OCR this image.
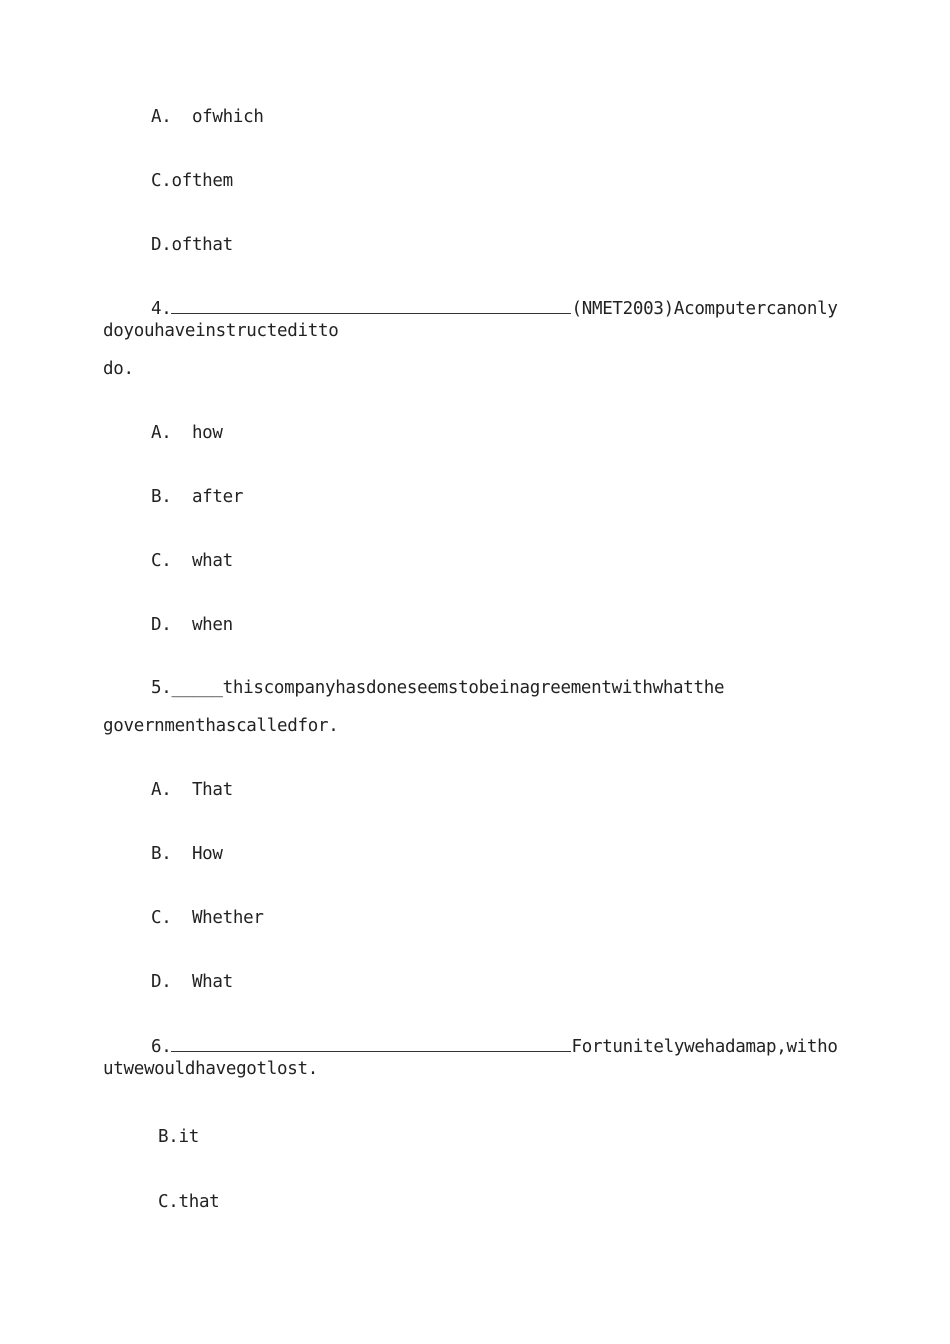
A.  ofwhich
C.ofthem
D.ofthat
4.	(NMET2003)Acomputercanonly
doyouhaveinstructeditto
do.
A.  how
B.  after
C.  what
D.  when
5._____thiscompanyhasdoneseemstobeinagreementwithwhatthe
governmenthascalledfor.
A.  That
B.  How
C.  Whether
D.  What
6.	Fortunitelywehadamap,witho
utwewouldhavegotlost.
B.it
C.that
